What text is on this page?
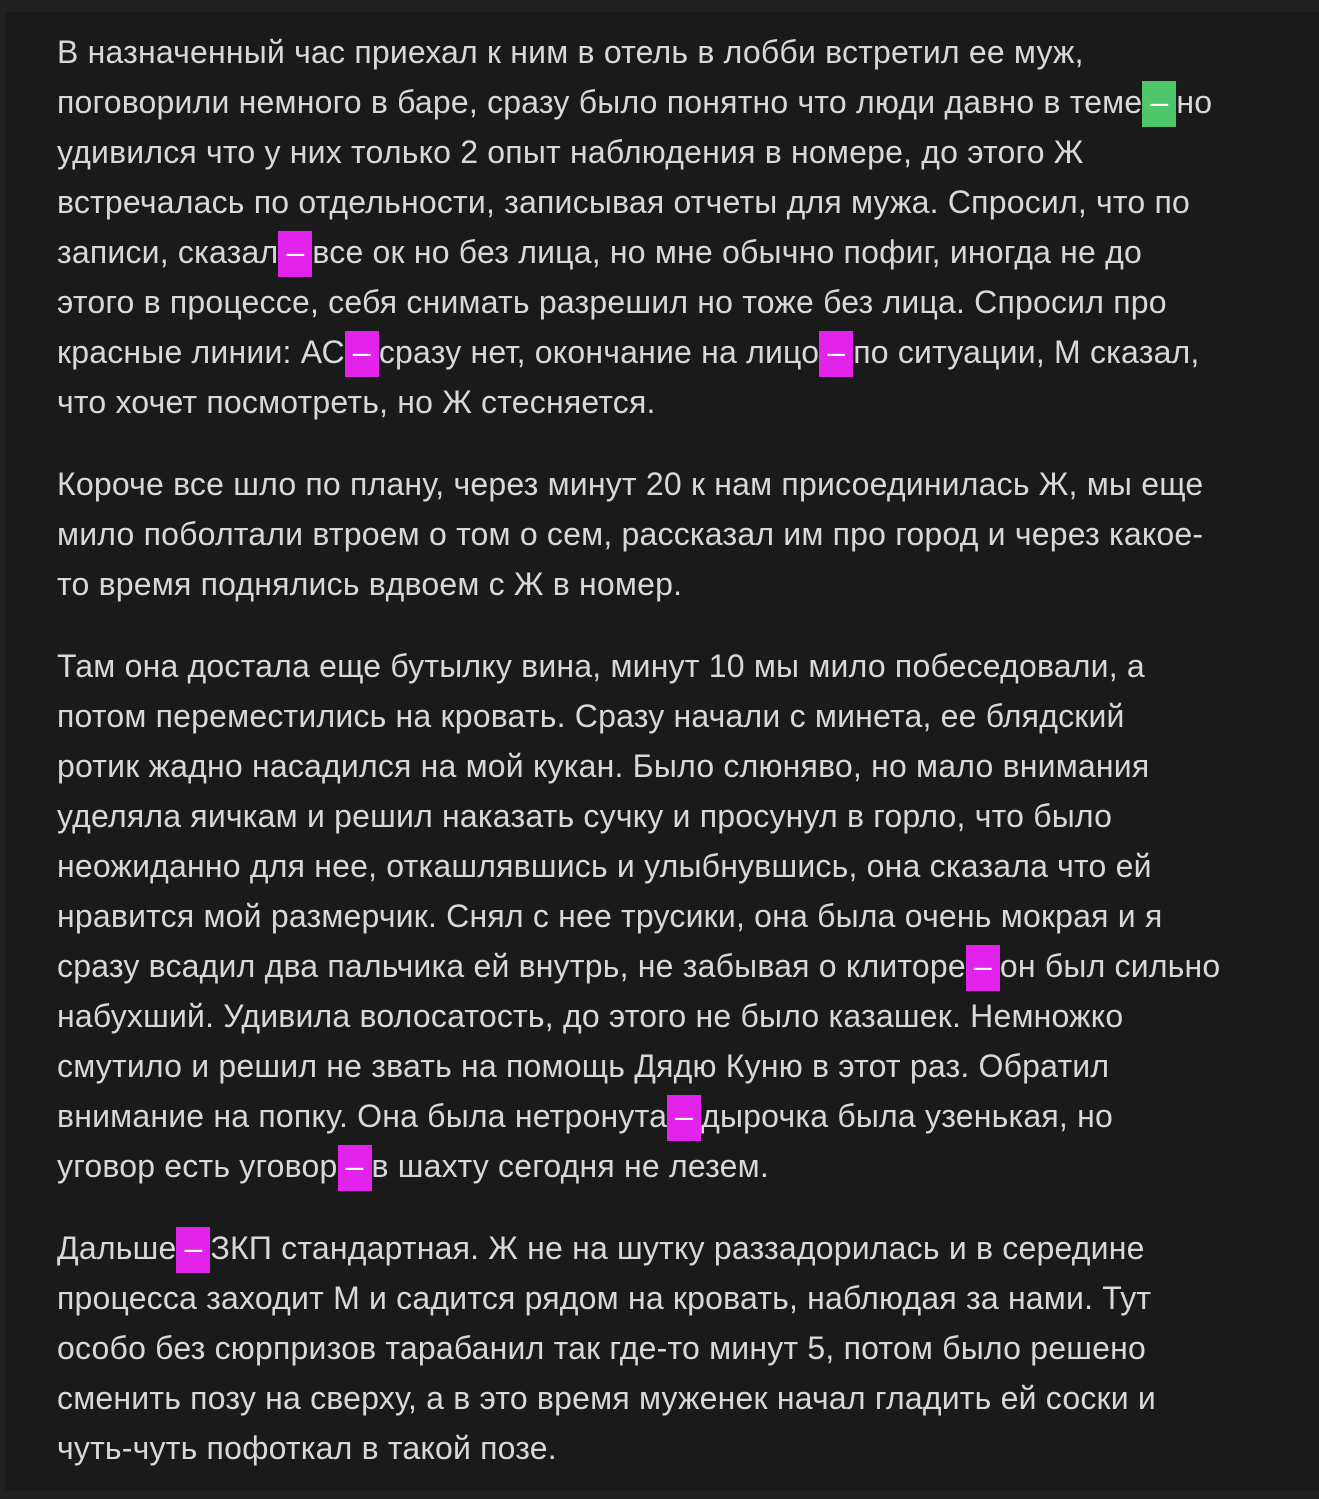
В назначенный час приехал к ним в отель в лобби встретил ее муж,
поговорили немного в баре, сразу было понятно что люди давно в теме – но
удивился что у них только 2 опыт наблюдения в номере, до этого Ж
встречалась по отдельности, записывая отчеты для мужа. Спросил, что по
записи, сказал – все ок но без лица, но мне обычно пофиг, иногда не до
этого в процессе, себя снимать разрешил но тоже без лица. Спросил про
красные линии: АС – сразу нет, окончание на лицо – по ситуации, М сказал,
что хочет посмотреть, но Ж стесняется.
Короче все шло по плану, через минут 20 к нам присоединилась Ж, мы еще
мило поболтали втроем о том о сем, рассказал им про город и через какое-
то время поднялись вдвоем с Ж в номер.
Там она достала еще бутылку вина, минут 10 мы мило побеседовали, а
потом переместились на кровать. Сразу начали с минета, ее блядский
ротик жадно насадился на мой кукан. Было слюняво, но мало внимания
уделяла яичкам и решил наказать сучку и просунул в горло, что было
неожиданно для нее, откашлявшись и улыбнувшись, она сказала что ей
нравится мой размерчик. Снял с нее трусики, она была очень мокрая и я
сразу всадил два пальчика ей внутрь, не забывая о клиторе – он был сильно
набухший. Удивила волосатость, до этого не было казашек. Немножко
смутило и решил не звать на помощь Дядю Куню в этот раз. Обратил
внимание на попку. Она была нетронута – дырочка была узенькая, но
уговор есть уговор – в шахту сегодня не лезем.
Дальше – ЗКП стандартная. Ж не на шутку раззадорилась и в середине
процесса заходит М и садится рядом на кровать, наблюдая за нами. Тут
особо без сюрпризов тарабанил так где-то минут 5, потом было решено
сменить позу на сверху, а в это время муженек начал гладить ей соски и
чуть-чуть пофоткал в такой позе.
